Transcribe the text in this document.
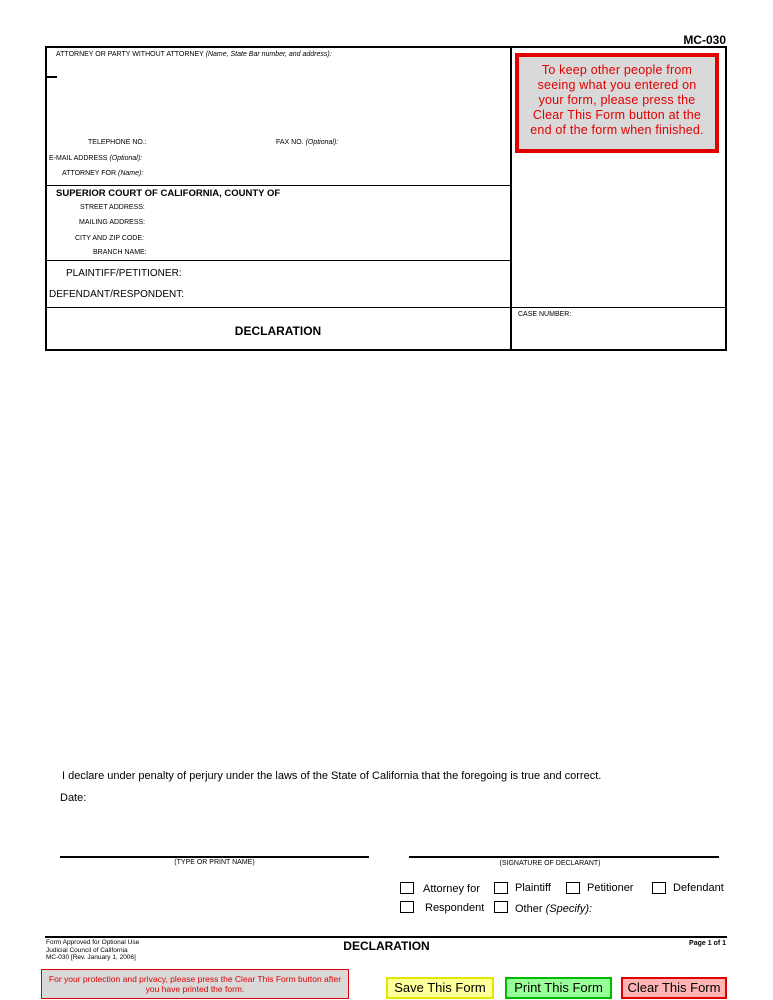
MC-030
ATTORNEY OR PARTY WITHOUT ATTORNEY (Name, State Bar number, and address):
TELEPHONE NO.:	FAX NO. (Optional):
E-MAIL ADDRESS (Optional):
ATTORNEY FOR (Name):
SUPERIOR COURT OF CALIFORNIA, COUNTY OF
STREET ADDRESS:
MAILING ADDRESS:
CITY AND ZIP CODE:
BRANCH NAME:
PLAINTIFF/PETITIONER:
DEFENDANT/RESPONDENT:
CASE NUMBER:
DECLARATION
To keep other people from seeing what you entered on your form, please press the Clear This Form button at the end of the form when finished.
I declare under penalty of perjury under the laws of the State of California that the foregoing is true and correct.
Date:
(TYPE OR PRINT NAME)	(SIGNATURE OF DECLARANT)
Attorney for	Plaintiff	Petitioner	Defendant
Respondent	Other (Specify):
Form Approved for Optional Use
Judicial Council of California
MC-030 [Rev. January 1, 2006]
DECLARATION	Page 1 of 1
For your protection and privacy, please press the Clear This Form button after you have printed the form.	Save This Form	Print This Form	Clear This Form
